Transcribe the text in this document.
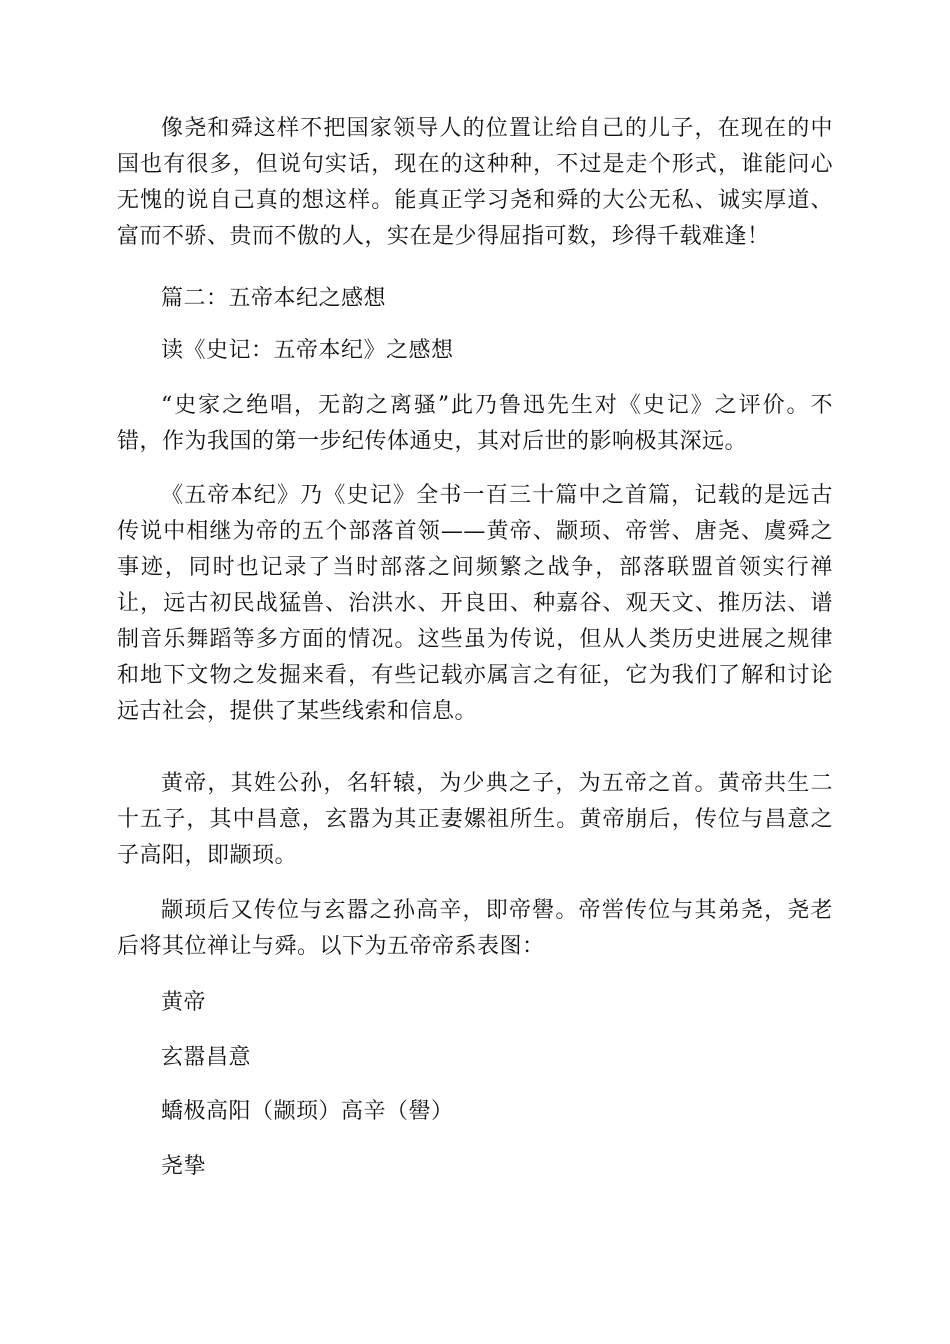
像尧和舜这样不把国家领导人的位置让给自己的儿子，在现在的中国也有很多，但说句实话，现在的这种种，不过是走个形式，谁能问心无愧的说自己真的想这样。能真正学习尧和舜的大公无私、诚实厚道、富而不骄、贵而不傲的人，实在是少得屈指可数，珍得千载难逢！

篇二：五帝本纪之感想

读《史记：五帝本纪》之感想

“史家之绝唱，无韵之离骚”此乃鲁迅先生对《史记》之评价。不错，作为我国的第一步纪传体通史，其对后世的影响极其深远。

《五帝本纪》乃《史记》全书一百三十篇中之首篇，记载的是远古传说中相继为帝的五个部落首领——黄帝、颛顼、帝喾、唐尧、虞舜之事迹，同时也记录了当时部落之间频繁之战争，部落联盟首领实行禅让，远古初民战猛兽、治洪水、开良田、种嘉谷、观天文、推历法、谱制音乐舞蹈等多方面的情况。这些虽为传说，但从人类历史进展之规律和地下文物之发掘来看，有些记载亦属言之有征，它为我们了解和讨论远古社会，提供了某些线索和信息。

黄帝，其姓公孙，名轩辕，为少典之子，为五帝之首。黄帝共生二十五子，其中昌意，玄嚣为其正妻嫘祖所生。黄帝崩后，传位与昌意之子高阳，即颛顼。

颛顼后又传位与玄嚣之孙高辛，即帝嚳。帝喾传位与其弟尧，尧老后将其位禅让与舜。以下为五帝帝系表图：

黄帝

玄嚣昌意

蟜极高阳（颛顼）高辛（嚳）

尧挚
